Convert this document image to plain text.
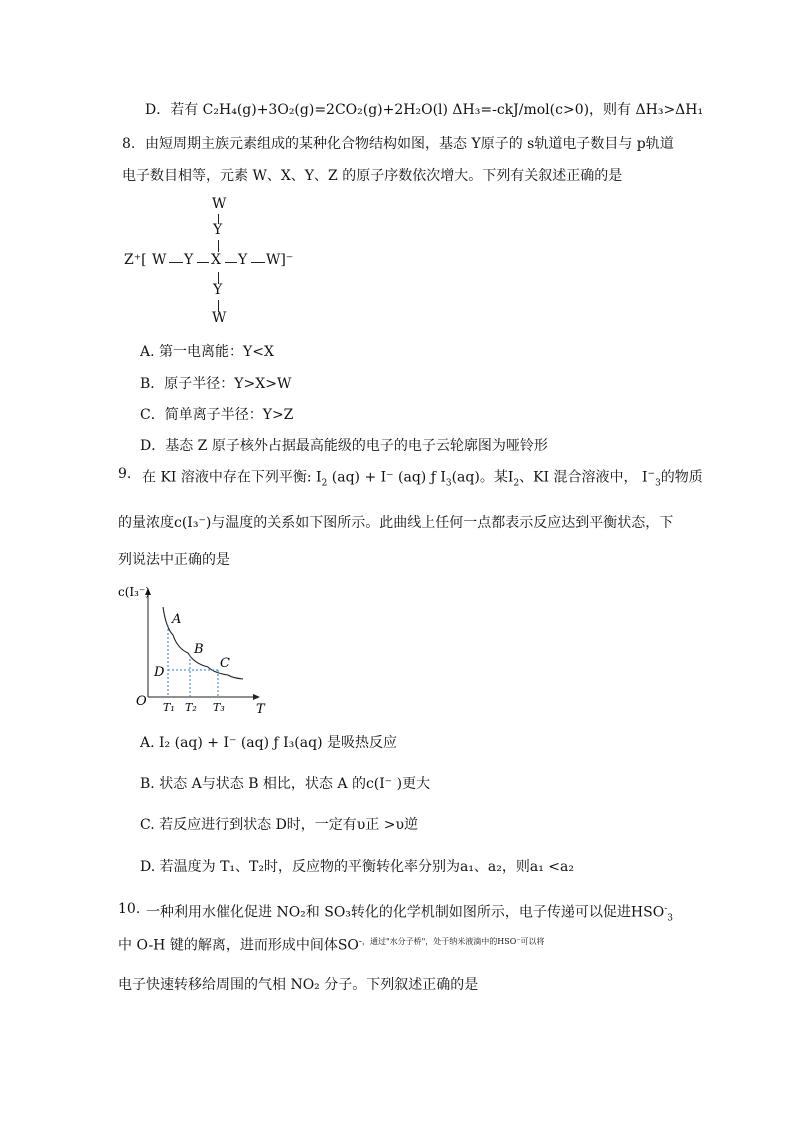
D．若有 C₂H₄(g)+3O₂(g)=2CO₂(g)+2H₂O(l) ΔH₃=-ckJ/mol(c>0)，则有 ΔH₃>ΔH₁
8. 由短周期主族元素组成的某种化合物结构如图，基态 Y原子的 s轨道电子数目与 p轨道
电子数目相等，元素 W、X、Y、Z 的原子序数依次增大。下列有关叙述正确的是
W
Y
Z⁺[ W Y X Y W]⁻
Y
W
A. 第一电离能：Y<X
B．原子半径：Y>X>W
C．简单离子半径：Y>Z
D．基态 Z 原子核外占据最高能级的电子的电子云轮廓图为哑铃形
9. 在 KI 溶液中存在下列平衡: $I_2$ (aq) + I⁻ (aq) ƒ $I_3(aq)$。某$I_2$、KI 混合溶液中， $I^-_3$的物质
的量浓度c(I₃⁻)与温度的关系如下图所示。此曲线上任何一点都表示反应达到平衡状态，下
列说法中正确的是
c(I₃⁻)
T
O
A
B
C
D
T₁ T₂ T₃
A. I₂ (aq) + I⁻ (aq) ƒ I₃(aq) 是吸热反应
B. 状态 A与状态 B 相比，状态 A 的c(I⁻ )更大
C. 若反应进行到状态 D时，一定有υ正 >υ逆
D. 若温度为 T₁、T₂时，反应物的平衡转化率分别为a₁、a₂，则a₁ <a₂
10. 一种利用水催化促进 NO₂和 SO₃转化的化学机制如图所示，电子传递可以促进$HSO^-_3$
中 O-H 键的解离，进而形成中间体$SO^{-,通过"水分子桥",处于纳米液滴中的HSO^-可以将}$
电子快速转移给周围的气相 NO₂ 分子。下列叙述正确的是
